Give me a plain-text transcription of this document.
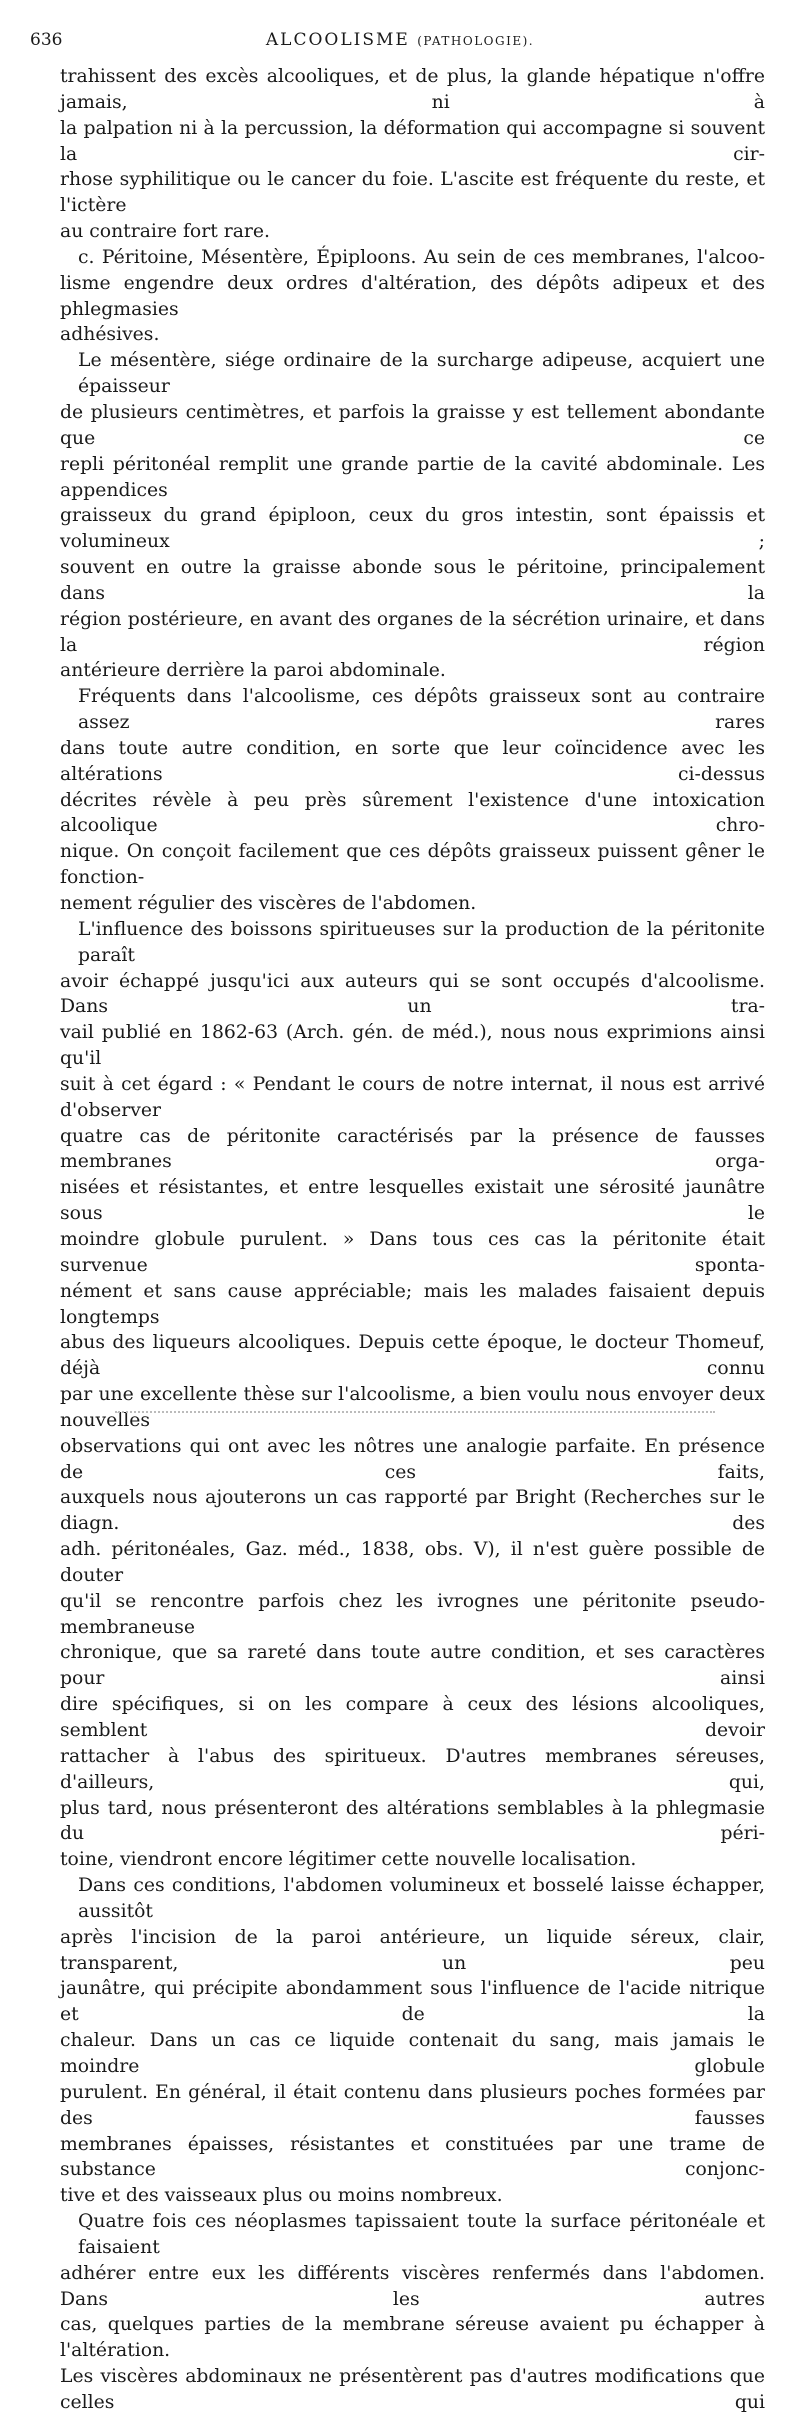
636	ALCOOLISME (PATHOLOGIE).

trahissent des excès alcooliques, et de plus, la glande hépatique n'offre jamais, ni à
la palpation ni à la percussion, la déformation qui accompagne si souvent la cir-
rhose syphilitique ou le cancer du foie. L'ascite est fréquente du reste, et l'ictère
au contraire fort rare.

c. Péritoine, Mésentère, Épiploons. Au sein de ces membranes, l'alcoo-
lisme engendre deux ordres d'altération, des dépôts adipeux et des phlegmasies
adhésives.

Le mésentère, siége ordinaire de la surcharge adipeuse, acquiert une épaisseur
de plusieurs centimètres, et parfois la graisse y est tellement abondante que ce
repli péritonéal remplit une grande partie de la cavité abdominale. Les appendices
graisseux du grand épiploon, ceux du gros intestin, sont épaissis et volumineux ;
souvent en outre la graisse abonde sous le péritoine, principalement dans la
région postérieure, en avant des organes de la sécrétion urinaire, et dans la région
antérieure derrière la paroi abdominale.

Fréquents dans l'alcoolisme, ces dépôts graisseux sont au contraire assez rares
dans toute autre condition, en sorte que leur coïncidence avec les altérations ci-dessus
décrites révèle à peu près sûrement l'existence d'une intoxication alcoolique chro-
nique. On conçoit facilement que ces dépôts graisseux puissent gêner le fonction-
nement régulier des viscères de l'abdomen.

L'influence des boissons spiritueuses sur la production de la péritonite paraît
avoir échappé jusqu'ici aux auteurs qui se sont occupés d'alcoolisme. Dans un tra-
vail publié en 1862-63 (Arch. gén. de méd.), nous nous exprimions ainsi qu'il
suit à cet égard : « Pendant le cours de notre internat, il nous est arrivé d'observer
quatre cas de péritonite caractérisés par la présence de fausses membranes orga-
nisées et résistantes, et entre lesquelles existait une sérosité jaunâtre sous le
moindre globule purulent. » Dans tous ces cas la péritonite était survenue sponta-
nément et sans cause appréciable; mais les malades faisaient depuis longtemps
abus des liqueurs alcooliques. Depuis cette époque, le docteur Thomeuf, déjà connu
par une excellente thèse sur l'alcoolisme, a bien voulu nous envoyer deux nouvelles
observations qui ont avec les nôtres une analogie parfaite. En présence de ces faits,
auxquels nous ajouterons un cas rapporté par Bright (Recherches sur le diagn. des
adh. péritonéales, Gaz. méd., 1838, obs. V), il n'est guère possible de douter
qu'il se rencontre parfois chez les ivrognes une péritonite pseudo-membraneuse
chronique, que sa rareté dans toute autre condition, et ses caractères pour ainsi
dire spécifiques, si on les compare à ceux des lésions alcooliques, semblent devoir
rattacher à l'abus des spiritueux. D'autres membranes séreuses, d'ailleurs, qui,
plus tard, nous présenteront des altérations semblables à la phlegmasie du péri-
toine, viendront encore légitimer cette nouvelle localisation.

Dans ces conditions, l'abdomen volumineux et bosselé laisse échapper, aussitôt
après l'incision de la paroi antérieure, un liquide séreux, clair, transparent, un peu
jaunâtre, qui précipite abondamment sous l'influence de l'acide nitrique et de la
chaleur. Dans un cas ce liquide contenait du sang, mais jamais le moindre globule
purulent. En général, il était contenu dans plusieurs poches formées par des fausses
membranes épaisses, résistantes et constituées par une trame de substance conjonc-
tive et des vaisseaux plus ou moins nombreux.

Quatre fois ces néoplasmes tapissaient toute la surface péritonéale et faisaient
adhérer entre eux les différents viscères renfermés dans l'abdomen. Dans les autres
cas, quelques parties de la membrane séreuse avaient pu échapper à l'altération.
Les viscères abdominaux ne présentèrent pas d'autres modifications que celles qui
